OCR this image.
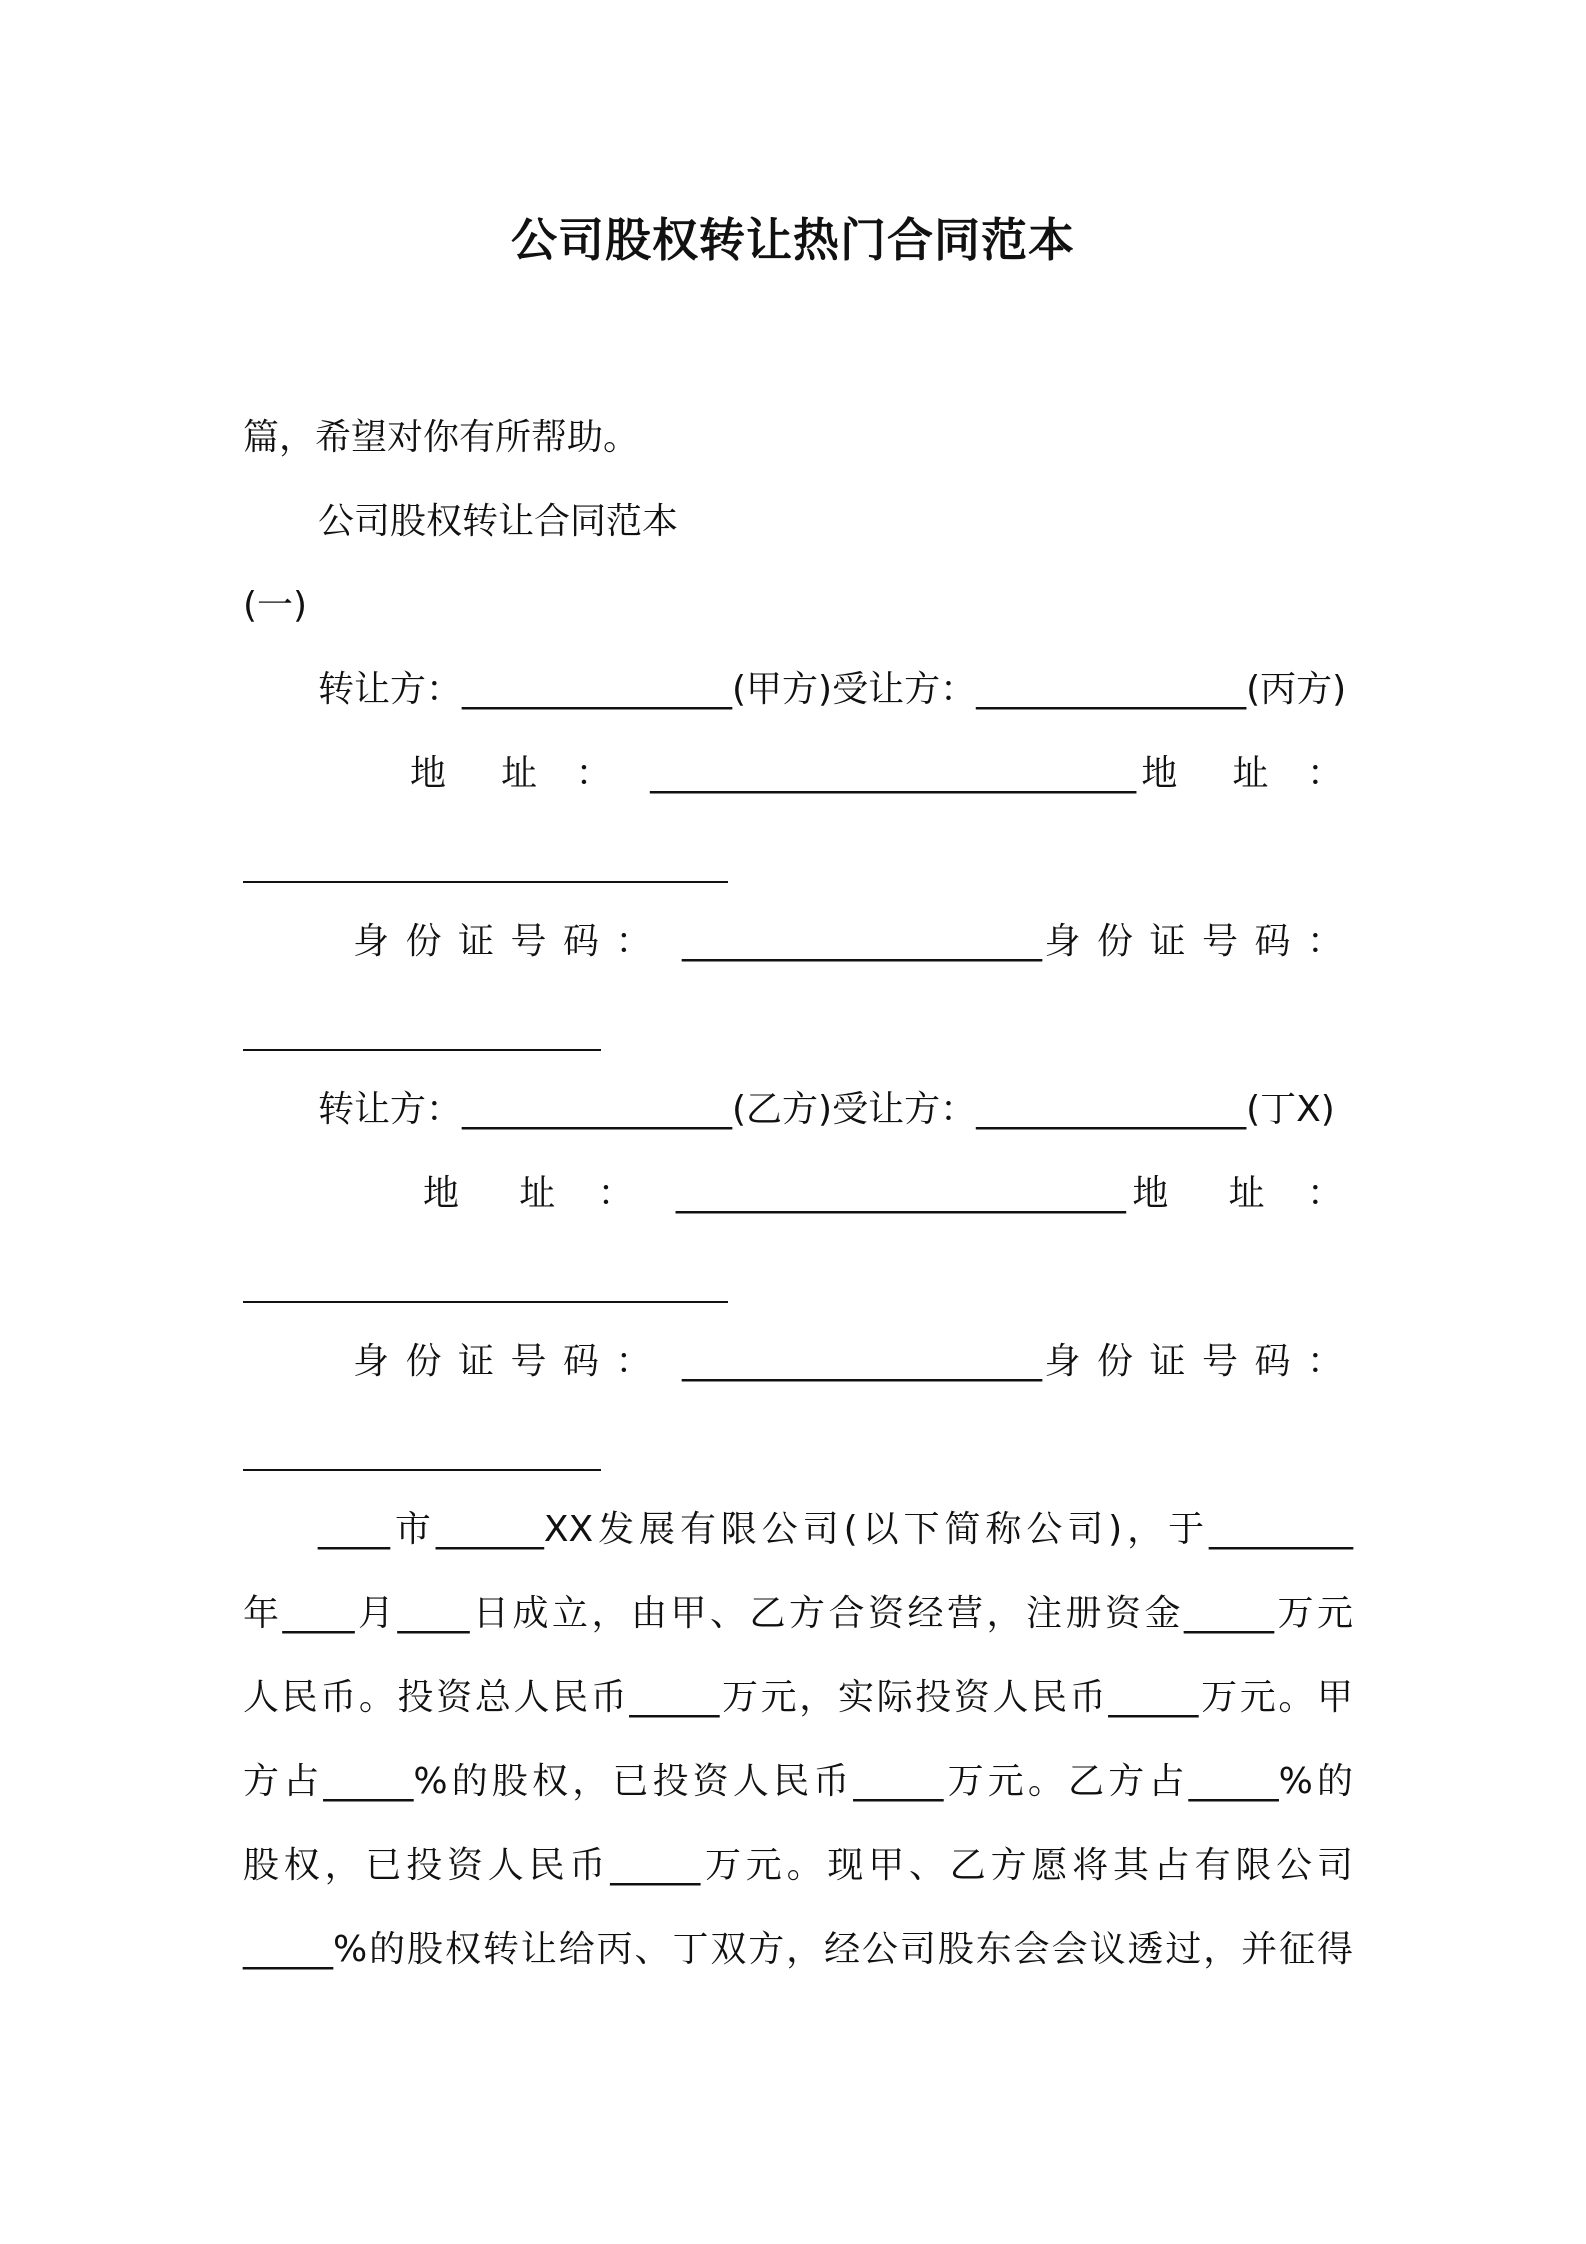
公司股权转让热门合同范本
篇，希望对你有所帮助。
公司股权转让合同范本
(一)
转让方：_______________(甲方)受让方：_______________(丙方)
地   址  ：  ___________________________地   址  ：
身 份 证 号 码 ：  ____________________身 份 证 号 码 ：
转让方：_______________(乙方)受让方：_______________(丁X)
地   址  ：  _________________________地   址  ：
身 份 证 号 码 ：  ____________________身 份 证 号 码 ：
____市______XX发展有限公司(以下简称公司)，于________
年____月____日成立，由甲、乙方合资经营，注册资金_____万元
人民币。投资总人民币_____万元，实际投资人民币_____万元。甲
方占_____%的股权，已投资人民币_____万元。乙方占_____%的
股权，已投资人民币_____万元。现甲、乙方愿将其占有限公司
_____%的股权转让给丙、丁双方，经公司股东会会议透过，并征得
